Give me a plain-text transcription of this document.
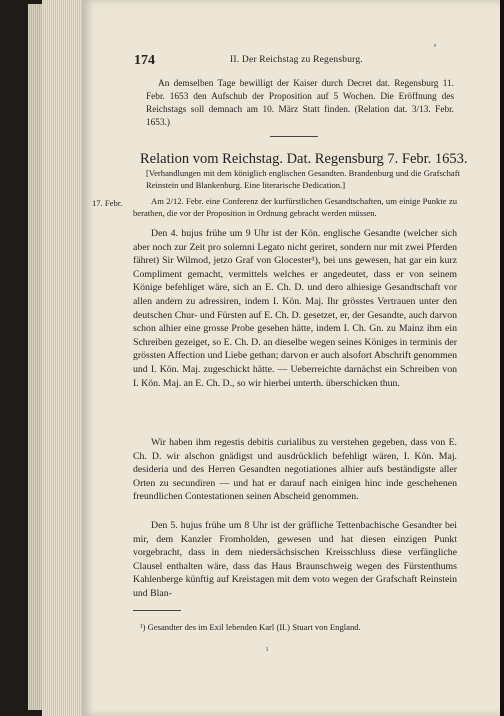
174	II. Der Reichstag zu Regensburg.
ᵉ
An demselben Tage bewilligt der Kaiser durch Decret dat. Regensburg 11. Febr. 1653 den Aufschub der Proposition auf 5 Wochen. Die Eröffnung des Reichstags soll demnach am 10. März Statt finden. (Relation dat. 3/13. Febr. 1653.)
Relation vom Reichstag. Dat. Regensburg 7. Febr. 1653.
[Verhandlungen mit dem königlich englischen Gesandten. Brandenburg und die Grafschaft Reinstein und Blankenburg. Eine literarische Dedication.]
17. Febr.	Am 2/12. Febr. eine Conferenz der kurfürstlichen Gesandtschaften, um einige Punkte zu berathen, die vor der Proposition in Ordnung gebracht werden müssen.
Den 4. hujus frühe um 9 Uhr ist der Kön. englische Gesandte (welcher sich aber noch zur Zeit pro solemni Legato nicht geriret, sondern nur mit zwei Pferden fähret) Sir Wilmod, jetzo Graf von Glocester¹), bei uns gewesen, hat gar ein kurz Compliment gemacht, vermittels welches er angedeutet, dass er von seinem Könige befehliget wäre, sich an E. Ch. D. und dero alhiesige Gesandtschaft vor allen andern zu adressiren, indem I. Kön. Maj. Ihr grösstes Vertrauen unter den deutschen Chur- und Fürsten auf E. Ch. D. gesetzet, er, der Gesandte, auch darvon schon alhier eine grosse Probe gesehen hätte, indem I. Ch. Gn. zu Mainz ihm ein Schreiben gezeiget, so E. Ch. D. an dieselbe wegen seines Königes in terminis der grössten Affection und Liebe gethan; darvon er auch alsofort Abschrift genommen und I. Kön. Maj. zugeschickt hätte. — Ueberreichte darnächst ein Schreiben von I. Kön. Maj. an E. Ch. D., so wir hierbei unterth. überschicken thun.
Wir haben ihm regestis debitis curialibus zu verstehen gegeben, dass von E. Ch. D. wir alschon gnädigst und ausdrücklich befehligt wären, I. Kön. Maj. desideria und des Herren Gesandten negotiationes alhier aufs beständigste aller Orten zu secundiren — und hat er darauf nach einigen hinc inde geschehenen freundlichen Contestationen seinen Abscheid genommen.
Den 5. hujus frühe um 8 Uhr ist der gräfliche Tettenbachische Gesandter bei mir, dem Kanzler Fromholden, gewesen und hat diesen einzigen Punkt vorgebracht, dass in dem niedersächsischen Kreisschluss diese verfängliche Clausel enthalten wäre, dass das Haus Braunschweig wegen des Fürstenthums Kahlenberge künftig auf Kreistagen mit dem voto wegen der Grafschaft Reinstein und Blan-
¹) Gesandter des im Exil lebenden Karl (II.) Stuart von England.
ı
